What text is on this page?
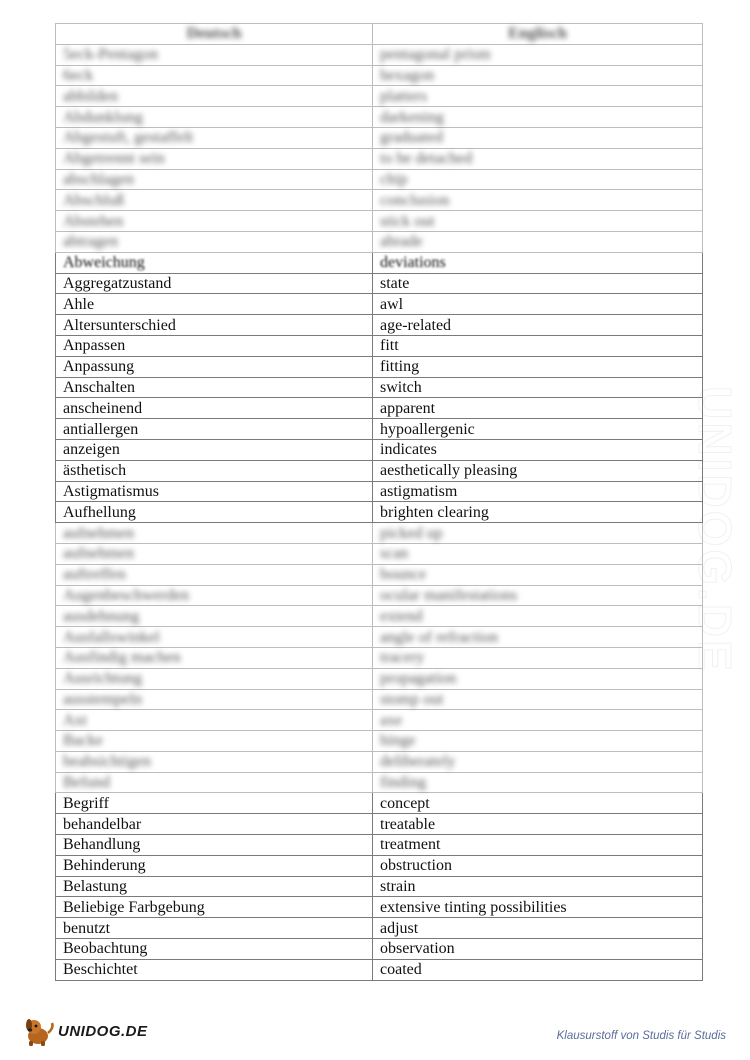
UNIDOG.DE
Deutsch	Englisch
5eck-Pentagon	pentagonal prism
6eck	hexagon
abbilden	platters
Abdunklung	darkening
Abgestuft, gestaffelt	graduated
Abgetrennt sein	to be detached
abschlagen	chip
Abschluß	conclusion
Abstehen	stick out
abtragen	abrade
Abweichung	deviations
Aggregatzustand	state
Ahle	awl
Altersunterschied	age-related
Anpassen	fitt
Anpassung	fitting
Anschalten	switch
anscheinend	apparent
antiallergen	hypoallergenic
anzeigen	indicates
ästhetisch	aesthetically pleasing
Astigmatismus	astigmatism
Aufhellung	brighten clearing
aufnehmen	picked up
aufnehmen	scan
auftreffen	bounce
Augenbeschwerden	ocular manifestations
ausdehnung	extend
Ausfallswinkel	angle of refraction
Ausfindig machen	tracery
Ausrichtung	propagation
ausstempeln	stomp out
Axt	axe
Backe	hinge
beabsichtigen	deliberately
Befund	finding
Begriff	concept
behandelbar	treatable
Behandlung	treatment
Behinderung	obstruction
Belastung	strain
Beliebige Farbgebung	extensive tinting possibilities
benutzt	adjust
Beobachtung	observation
Beschichtet	coated
UNIDOG.DE	Klausurstoff von Studis für Studis
